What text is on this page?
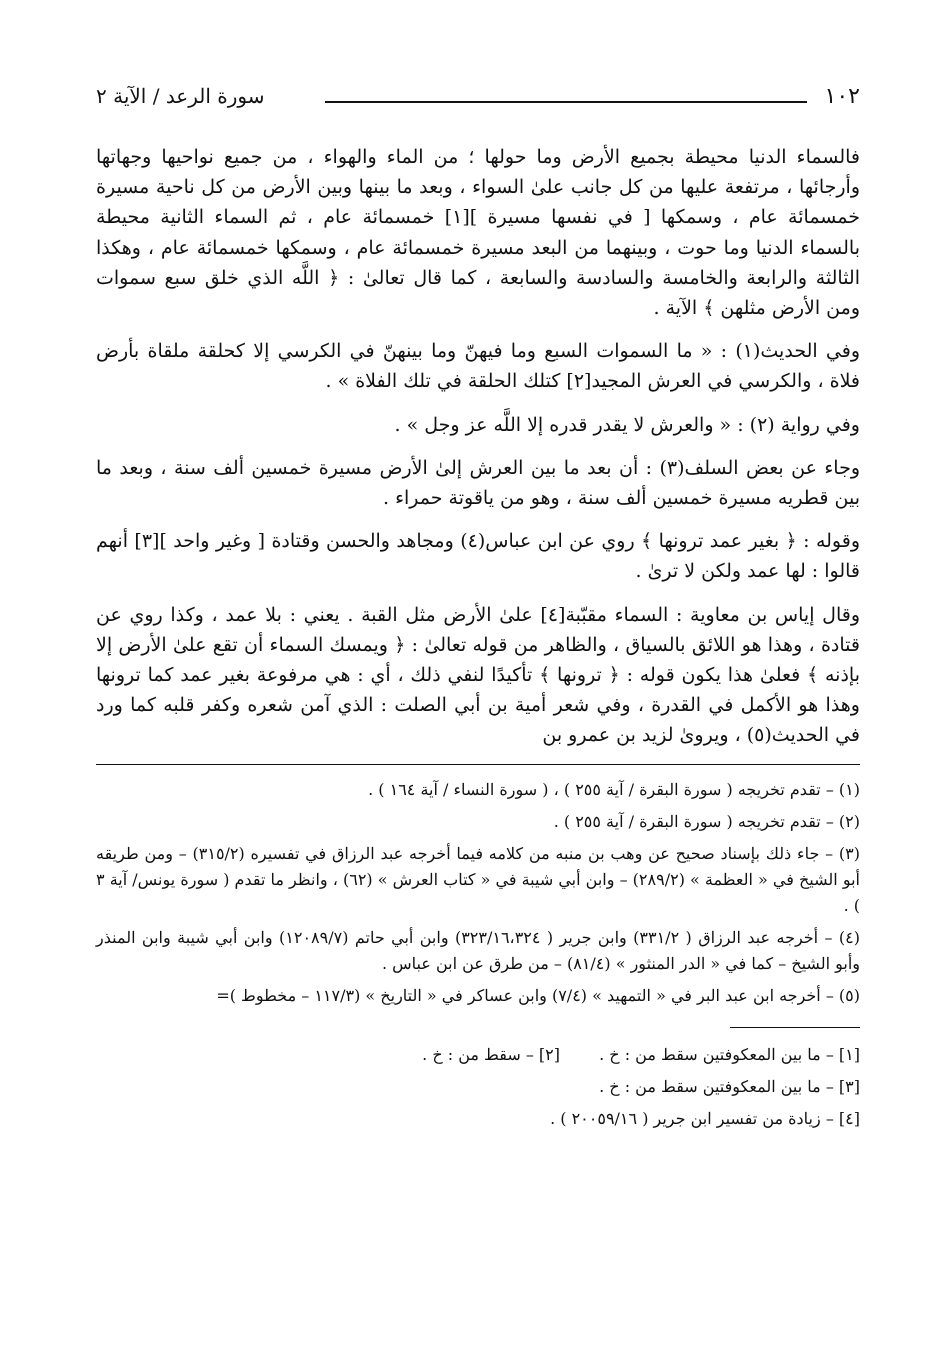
١٠٢
سورة الرعد / الآية ٢

فالسماء الدنيا محيطة بجميع الأرض وما حولها ؛ من الماء والهواء ، من جميع نواحيها وجهاتها وأرجائها ، مرتفعة عليها من كل جانب علىٰ السواء ، وبعد ما بينها وبين الأرض من كل ناحية مسيرة خمسمائة عام ، وسمكها [ في نفسها مسيرة ][١] خمسمائة عام ، ثم السماء الثانية محيطة بالسماء الدنيا وما حوت ، وبينهما من البعد مسيرة خمسمائة عام ، وسمكها خمسمائة عام ، وهكذا الثالثة والرابعة والخامسة والسادسة والسابعة ، كما قال تعالىٰ : ﴿ اللَّه الذي خلق سبع سموات ومن الأرض مثلهن ﴾ الآية .

وفي الحديث(١) : « ما السموات السبع وما فيهنّ وما بينهنّ في الكرسي إلا كحلقة ملقاة بأرض فلاة ، والكرسي في العرش المجيد[٢] كتلك الحلقة في تلك الفلاة » .

وفي رواية (٢) : « والعرش لا يقدر قدره إلا اللَّه عز وجل » .

وجاء عن بعض السلف(٣) : أن بعد ما بين العرش إلىٰ الأرض مسيرة خمسين ألف سنة ، وبعد ما بين قطريه مسيرة خمسين ألف سنة ، وهو من ياقوتة حمراء .

وقوله : ﴿ بغير عمد ترونها ﴾ روي عن ابن عباس(٤) ومجاهد والحسن وقتادة [ وغير واحد ][٣] أنهم قالوا : لها عمد ولكن لا ترىٰ .

وقال إياس بن معاوية : السماء مقبّبة[٤] علىٰ الأرض مثل القبة . يعني : بلا عمد ، وكذا روي عن قتادة ، وهذا هو اللائق بالسياق ، والظاهر من قوله تعالىٰ : ﴿ ويمسك السماء أن تقع علىٰ الأرض إلا بإذنه ﴾ فعلىٰ هذا يكون قوله : ﴿ ترونها ﴾ تأكيدًا لنفي ذلك ، أي : هي مرفوعة بغير عمد كما ترونها وهذا هو الأكمل في القدرة ، وفي شعر أمية بن أبي الصلت : الذي آمن شعره وكفر قلبه كما ورد في الحديث(٥) ، ويروىٰ لزيد بن عمرو بن

(١) – تقدم تخريجه ( سورة البقرة / آية ٢٥٥ ) ، ( سورة النساء / آية ١٦٤ ) .

(٢) – تقدم تخريجه ( سورة البقرة / آية ٢٥٥ ) .

(٣) – جاء ذلك بإسناد صحيح عن وهب بن منبه من كلامه فيما أخرجه عبد الرزاق في تفسيره (٣١٥/٢) – ومن طريقه أبو الشيخ في « العظمة » (٢٨٩/٢) – وابن أبي شيبة في « كتاب العرش » (٦٢) ، وانظر ما تقدم ( سورة يونس/ آية ٣ ) .

(٤) – أخرجه عبد الرزاق ( ٣٣١/٢) وابن جرير ( ٣٢٣/١٦،٣٢٤) وابن أبي حاتم (١٢٠٨٩/٧) وابن أبي شيبة وابن المنذر وأبو الشيخ – كما في « الدر المنثور » (٨١/٤) – من طرق عن ابن عباس .

(٥) – أخرجه ابن عبد البر في « التمهيد » (٧/٤) وابن عساكر في « التاريخ » (١١٧/٣ – مخطوط )=

[١] – ما بين المعكوفتين سقط من : خ .
[٢] – سقط من : خ .
[٣] – ما بين المعكوفتين سقط من : خ .
[٤] – زيادة من تفسير ابن جرير ( ٢٠٠٥٩/١٦ ) .
